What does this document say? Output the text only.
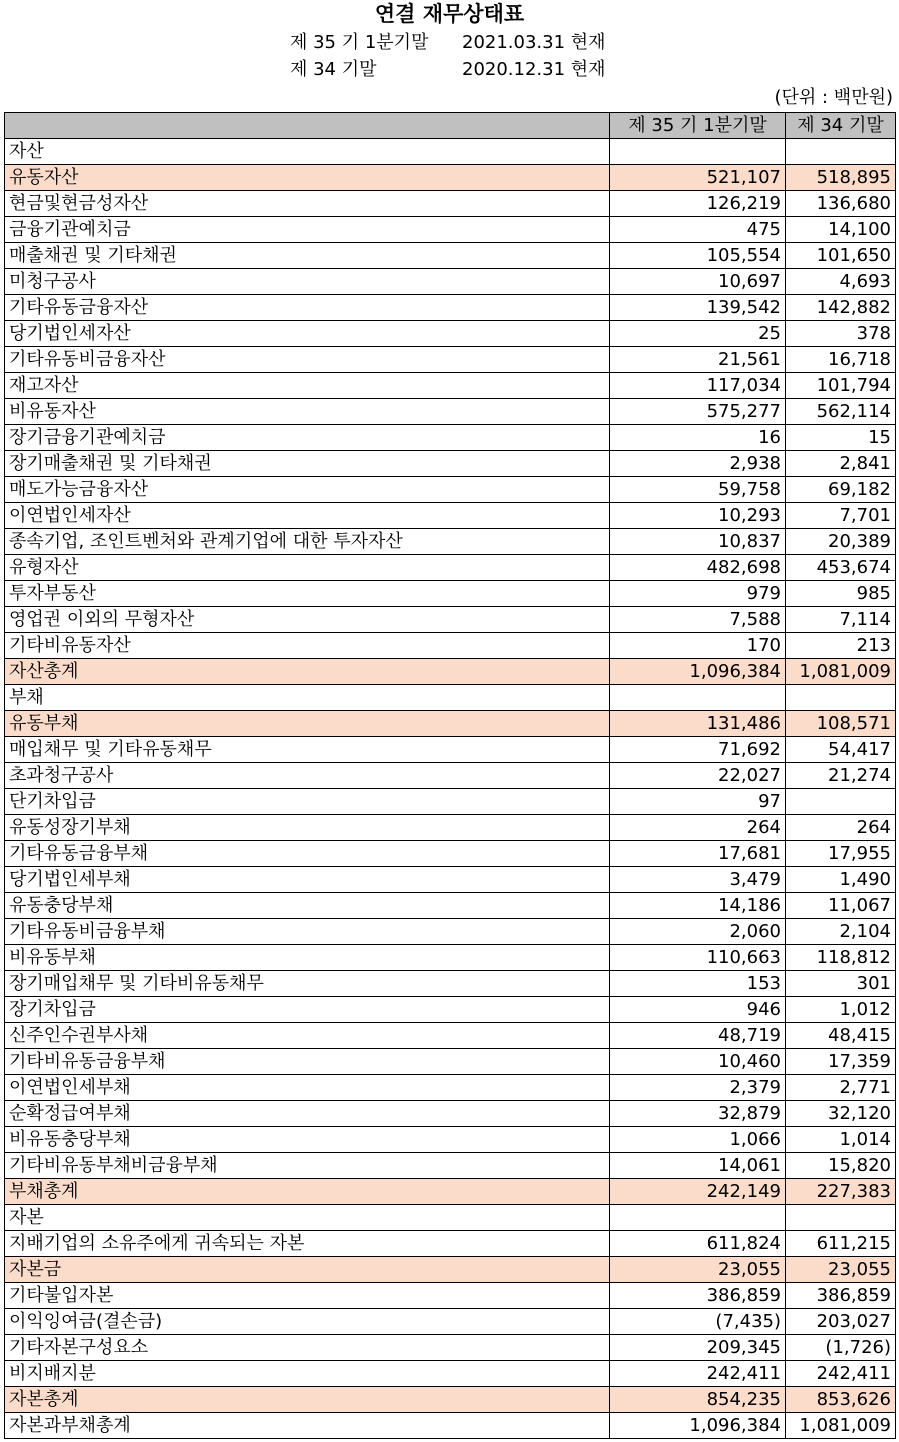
연결 재무상태표
제 35 기 1분기말 2021.03.31 현재
제 34 기말	2020.12.31 현재
(단위 : 백만원)
	제 35 기 1분기말	제 34 기말
자산		
유동자산	521,107	518,895
현금및현금성자산	126,219	136,680
금융기관예치금	475	14,100
매출채권 및 기타채권	105,554	101,650
미청구공사	10,697	4,693
기타유동금융자산	139,542	142,882
당기법인세자산	25	378
기타유동비금융자산	21,561	16,718
재고자산	117,034	101,794
비유동자산	575,277	562,114
장기금융기관예치금	16	15
장기매출채권 및 기타채권	2,938	2,841
매도가능금융자산	59,758	69,182
이연법인세자산	10,293	7,701
종속기업, 조인트벤처와 관계기업에 대한 투자자산	10,837	20,389
유형자산	482,698	453,674
투자부동산	979	985
영업권 이외의 무형자산	7,588	7,114
기타비유동자산	170	213
자산총계	1,096,384	1,081,009
부채		
유동부채	131,486	108,571
매입채무 및 기타유동채무	71,692	54,417
초과청구공사	22,027	21,274
단기차입금	97	
유동성장기부채	264	264
기타유동금융부채	17,681	17,955
당기법인세부채	3,479	1,490
유동충당부채	14,186	11,067
기타유동비금융부채	2,060	2,104
비유동부채	110,663	118,812
장기매입채무 및 기타비유동채무	153	301
장기차입금	946	1,012
신주인수권부사채	48,719	48,415
기타비유동금융부채	10,460	17,359
이연법인세부채	2,379	2,771
순확정급여부채	32,879	32,120
비유동충당부채	1,066	1,014
기타비유동부채비금융부채	14,061	15,820
부채총계	242,149	227,383
자본		
지배기업의 소유주에게 귀속되는 자본	611,824	611,215
자본금	23,055	23,055
기타불입자본	386,859	386,859
이익잉여금(결손금)	(7,435)	203,027
기타자본구성요소	209,345	(1,726)
비지배지분	242,411	242,411
자본총계	854,235	853,626
자본과부채총계	1,096,384	1,081,009
